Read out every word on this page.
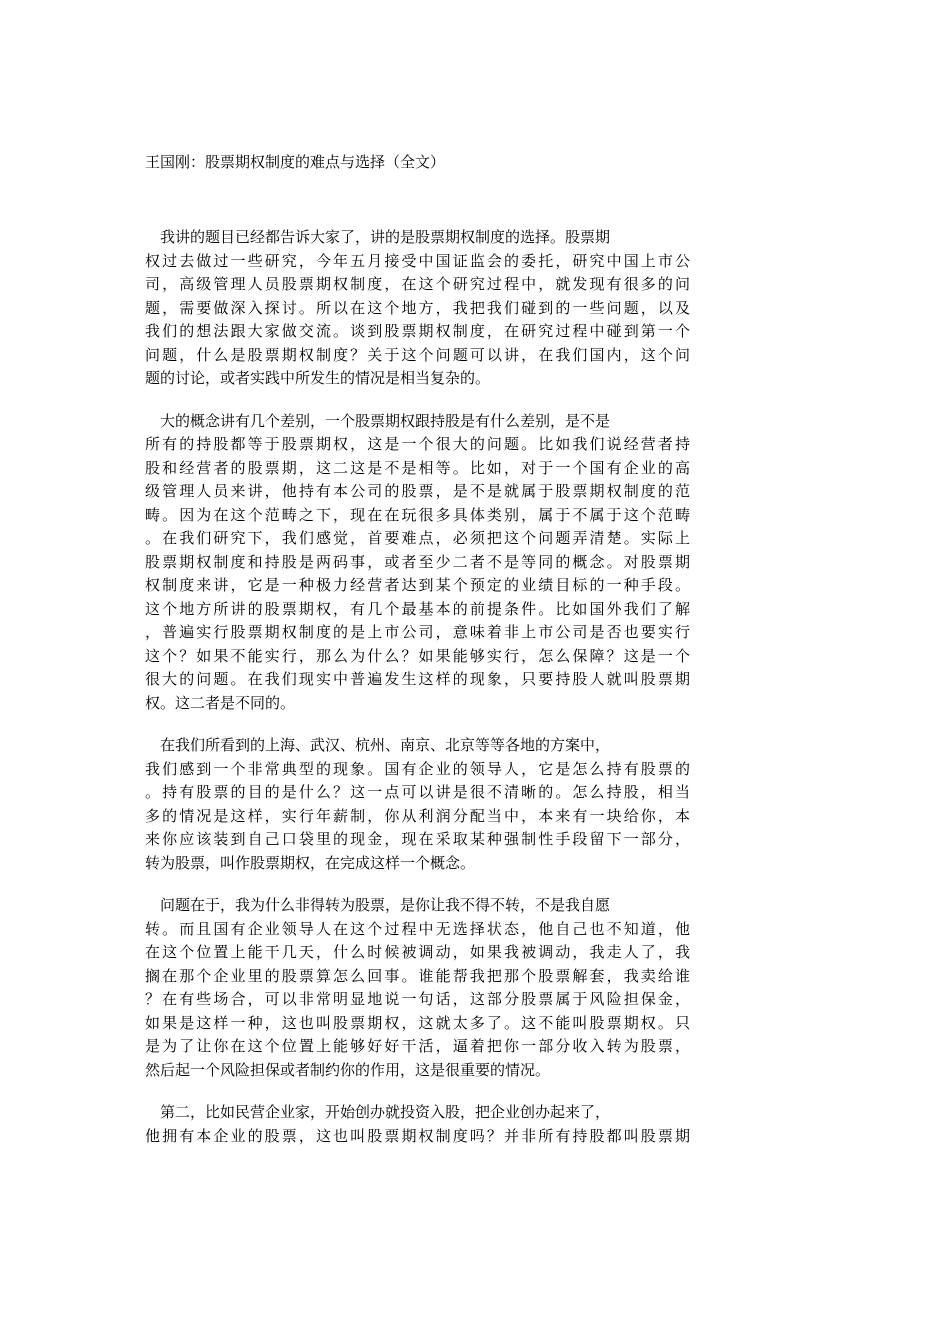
王国刚：股票期权制度的难点与选择（全文）
我讲的题目已经都告诉大家了，讲的是股票期权制度的选择。股票期
权过去做过一些研究，今年五月接受中国证监会的委托，研究中国上市公
司，高级管理人员股票期权制度，在这个研究过程中，就发现有很多的问
题，需要做深入探讨。所以在这个地方，我把我们碰到的一些问题，以及
我们的想法跟大家做交流。谈到股票期权制度，在研究过程中碰到第一个
问题，什么是股票期权制度？关于这个问题可以讲，在我们国内，这个问
题的讨论，或者实践中所发生的情况是相当复杂的。
大的概念讲有几个差别，一个股票期权跟持股是有什么差别，是不是
所有的持股都等于股票期权，这是一个很大的问题。比如我们说经营者持
股和经营者的股票期，这二这是不是相等。比如，对于一个国有企业的高
级管理人员来讲，他持有本公司的股票，是不是就属于股票期权制度的范
畴。因为在这个范畴之下，现在在玩很多具体类别，属于不属于这个范畴
。在我们研究下，我们感觉，首要难点，必须把这个问题弄清楚。实际上
股票期权制度和持股是两码事，或者至少二者不是等同的概念。对股票期
权制度来讲，它是一种极力经营者达到某个预定的业绩目标的一种手段。
这个地方所讲的股票期权，有几个最基本的前提条件。比如国外我们了解
，普遍实行股票期权制度的是上市公司，意味着非上市公司是否也要实行
这个？如果不能实行，那么为什么？如果能够实行，怎么保障？这是一个
很大的问题。在我们现实中普遍发生这样的现象，只要持股人就叫股票期
权。这二者是不同的。
在我们所看到的上海、武汉、杭州、南京、北京等等各地的方案中，
我们感到一个非常典型的现象。国有企业的领导人，它是怎么持有股票的
。持有股票的目的是什么？这一点可以讲是很不清晰的。怎么持股，相当
多的情况是这样，实行年薪制，你从利润分配当中，本来有一块给你，本
来你应该装到自己口袋里的现金，现在采取某种强制性手段留下一部分，
转为股票，叫作股票期权，在完成这样一个概念。
问题在于，我为什么非得转为股票，是你让我不得不转，不是我自愿
转。而且国有企业领导人在这个过程中无选择状态，他自己也不知道，他
在这个位置上能干几天，什么时候被调动，如果我被调动，我走人了，我
搁在那个企业里的股票算怎么回事。谁能帮我把那个股票解套，我卖给谁
？在有些场合，可以非常明显地说一句话，这部分股票属于风险担保金，
如果是这样一种，这也叫股票期权，这就太多了。这不能叫股票期权。只
是为了让你在这个位置上能够好好干活，逼着把你一部分收入转为股票，
然后起一个风险担保或者制约你的作用，这是很重要的情况。
第二，比如民营企业家，开始创办就投资入股，把企业创办起来了，
他拥有本企业的股票，这也叫股票期权制度吗？并非所有持股都叫股票期
